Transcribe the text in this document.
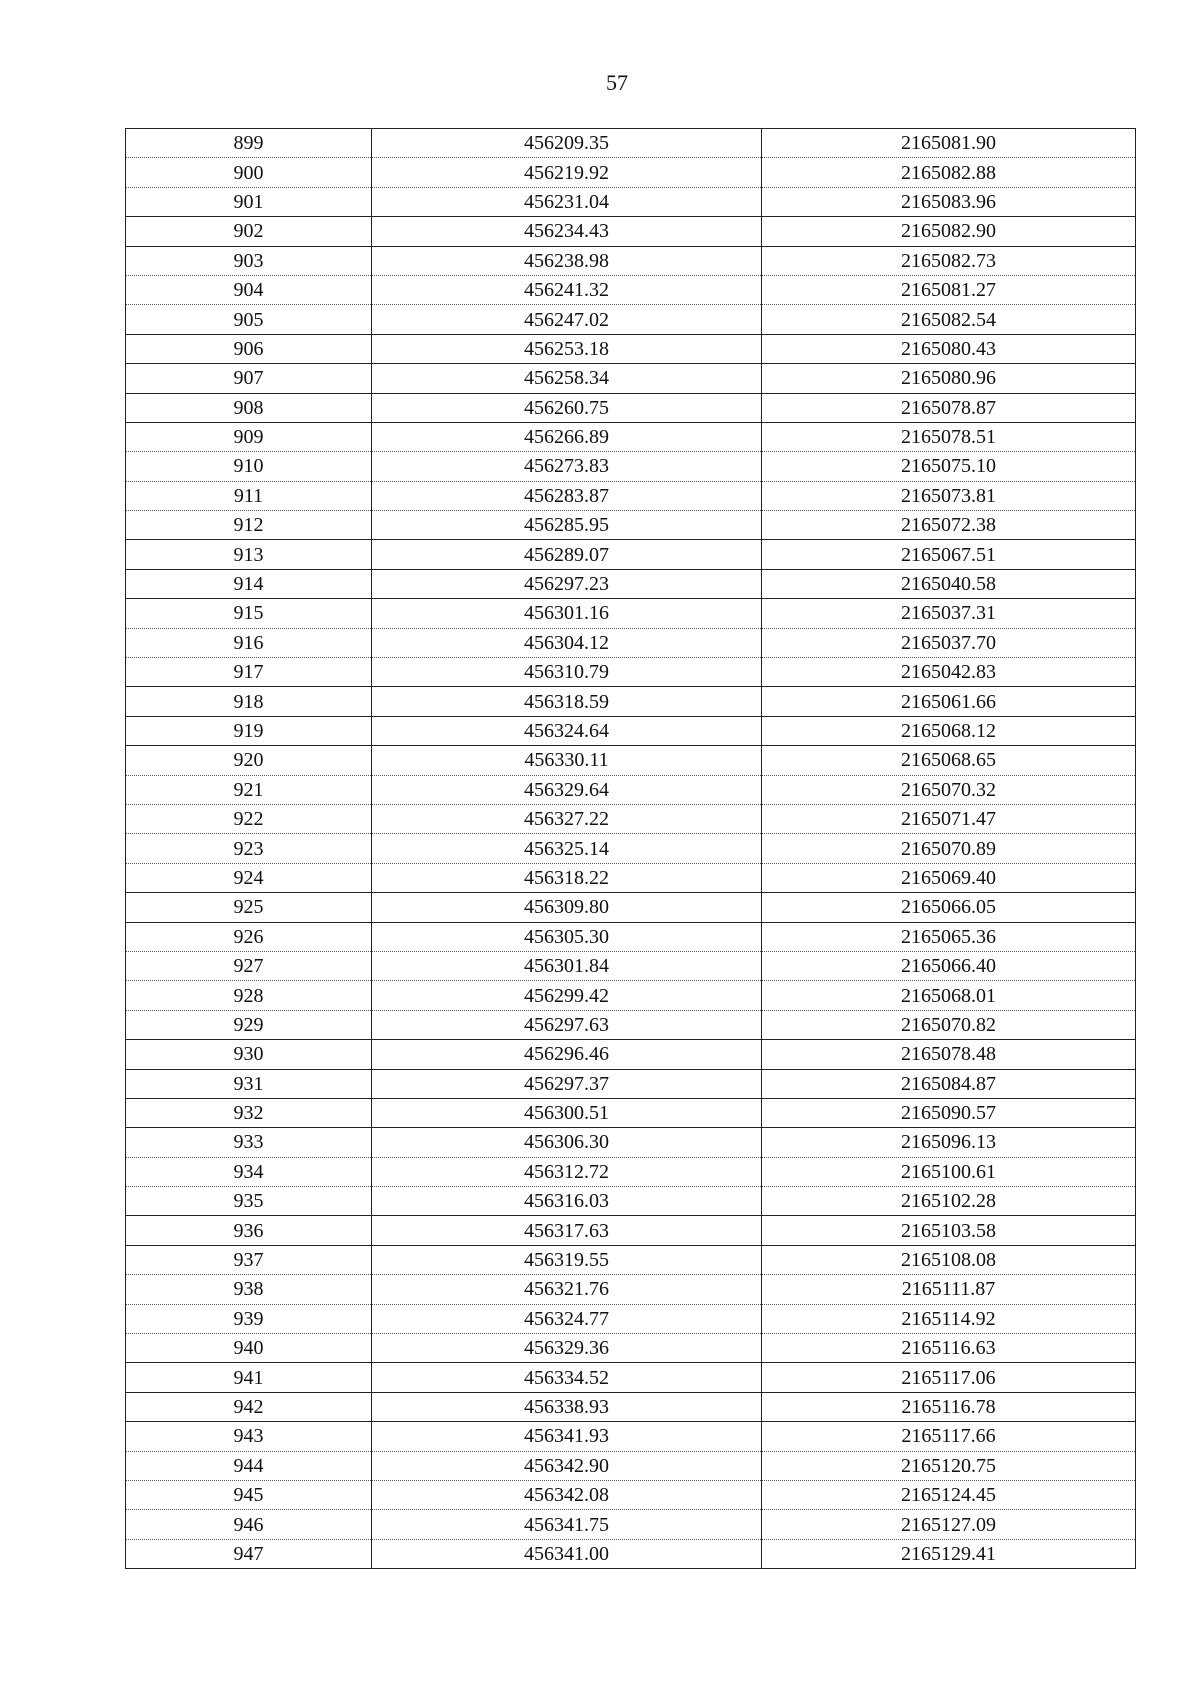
57
899	456209.35	2165081.90
900	456219.92	2165082.88
901	456231.04	2165083.96
902	456234.43	2165082.90
903	456238.98	2165082.73
904	456241.32	2165081.27
905	456247.02	2165082.54
906	456253.18	2165080.43
907	456258.34	2165080.96
908	456260.75	2165078.87
909	456266.89	2165078.51
910	456273.83	2165075.10
911	456283.87	2165073.81
912	456285.95	2165072.38
913	456289.07	2165067.51
914	456297.23	2165040.58
915	456301.16	2165037.31
916	456304.12	2165037.70
917	456310.79	2165042.83
918	456318.59	2165061.66
919	456324.64	2165068.12
920	456330.11	2165068.65
921	456329.64	2165070.32
922	456327.22	2165071.47
923	456325.14	2165070.89
924	456318.22	2165069.40
925	456309.80	2165066.05
926	456305.30	2165065.36
927	456301.84	2165066.40
928	456299.42	2165068.01
929	456297.63	2165070.82
930	456296.46	2165078.48
931	456297.37	2165084.87
932	456300.51	2165090.57
933	456306.30	2165096.13
934	456312.72	2165100.61
935	456316.03	2165102.28
936	456317.63	2165103.58
937	456319.55	2165108.08
938	456321.76	2165111.87
939	456324.77	2165114.92
940	456329.36	2165116.63
941	456334.52	2165117.06
942	456338.93	2165116.78
943	456341.93	2165117.66
944	456342.90	2165120.75
945	456342.08	2165124.45
946	456341.75	2165127.09
947	456341.00	2165129.41
